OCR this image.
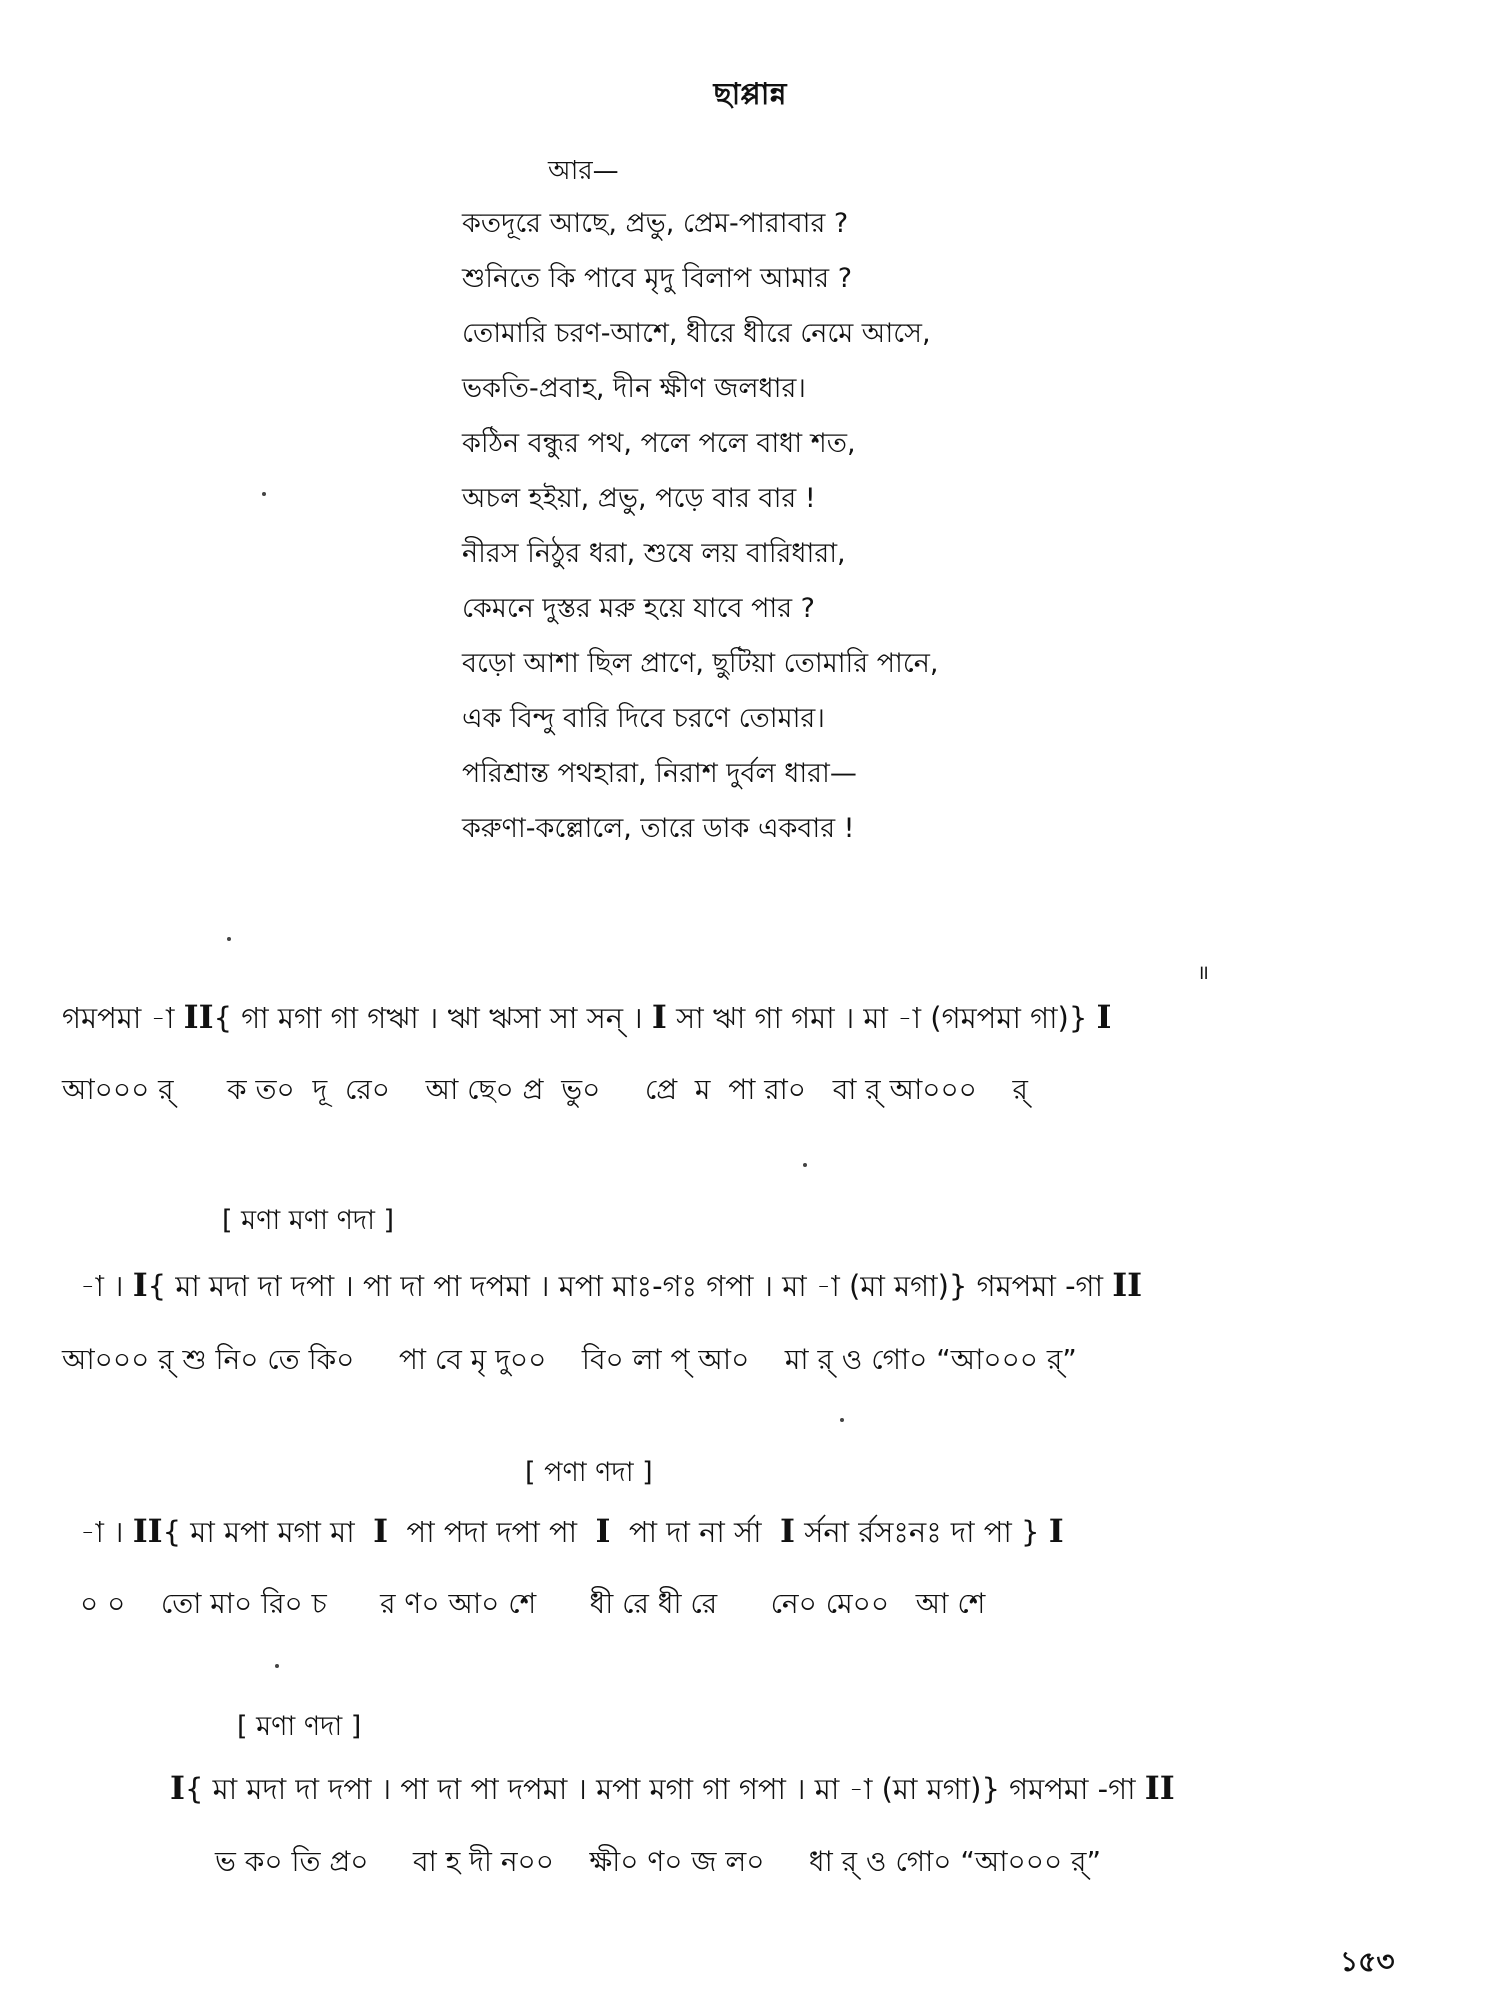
ছাপ্পান্ন
আর—
কতদূরে আছে, প্রভু, প্রেম-পারাবার ?
শুনিতে কি পাবে মৃদু বিলাপ আমার ?
তোমারি চরণ-আশে, ধীরে ধীরে নেমে আসে,
ভকতি-প্রবাহ, দীন ক্ষীণ জলধার।
কঠিন বন্ধুর পথ, পলে পলে বাধা শত,
অচল হইয়া, প্রভু, পড়ে বার বার !
নীরস নিঠুর ধরা, শুষে লয় বারিধারা,
কেমনে দুস্তর মরু হয়ে যাবে পার ?
বড়ো আশা ছিল প্রাণে, ছুটিয়া তোমারি পানে,
এক বিন্দু বারি দিবে চরণে তোমার।
পরিশ্রান্ত পথহারা, নিরাশ দুর্বল ধারা—
করুণা-কল্লোলে, তারে ডাক একবার !
॥
গমপমা -া II{ গা মগা গা গঋা । ঋা ঋসা সা সন্ । I সা ঋা গা গমা । মা -া (গমপমা গা)} I
আ০০০ র্      ক ত০  দূ  রে০    আ ছে০ প্র  ভু০     প্রে  ম  পা রা০   বা র্ আ০০০    র্
[ মণা মণা ণদা ]
-া । I{ মা মদা দা দপা । পা দা পা দপমা । মপা মাঃ-গঃ গপা । মা -া (মা মগা)} গমপমা -গা II
আ০০০ র্ শু নি০ তে কি০     পা বে মৃ দু০০    বি০ লা প্ আ০    মা র্ ও গো০ “আ০০০ র্”
[ পণা ণদা ]
-া । II{ মা মপা মগা মা  I  পা পদা দপা পা  I  পা দা না র্সা  I র্সনা র্রসঃনঃ দা পা } I
০ ০    তো মা০ রি০ চ      র ণ০ আ০ শে      ধী রে ধী রে      নে০ মে০০   আ শে
[ মণা ণদা ]
I{ মা মদা দা দপা । পা দা পা দপমা । মপা মগা গা গপা । মা -া (মা মগা)} গমপমা -গা II
ভ ক০ তি প্র০     বা হ দী ন০০    ক্ষী০ ণ০ জ ল০     ধা র্ ও গো০ “আ০০০ র্”
১৫৩
